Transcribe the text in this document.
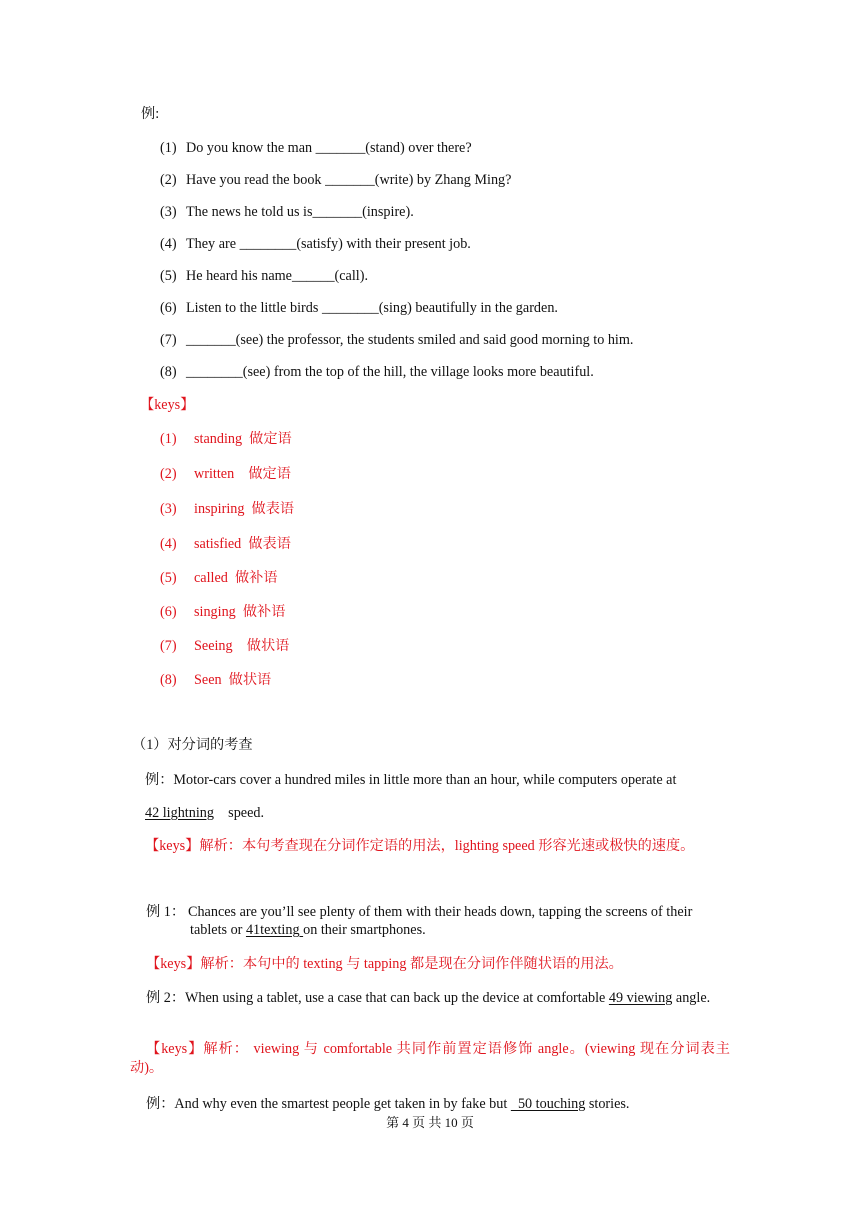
例:
(1) Do you know the man _______(stand) over there?
(2) Have you read the book _______(write) by Zhang Ming?
(3) The news he told us is_______(inspire).
(4) They are ________(satisfy) with their present job.
(5) He heard his name______(call).
(6) Listen to the little birds ________(sing) beautifully in the garden.
(7) _______(see) the professor, the students smiled and said good morning to him.
(8) ________(see) from the top of the hill, the village looks more beautiful.
【keys】
(1) standing  做定语
(2) written    做定语
(3) inspiring  做表语
(4) satisfied  做表语
(5) called  做补语
(6) singing  做补语
(7) Seeing    做状语
(8) Seen  做状语
（1）对分词的考查
例：Motor-cars cover a hundred miles in little more than an hour, while computers operate at
42 lightning    speed.
【keys】解析：本句考查现在分词作定语的用法，lighting speed 形容光速或极快的速度。
例 1： Chances are you’ll see plenty of them with their heads down, tapping the screens of their
tablets or 41texting on their smartphones.
【keys】解析：本句中的 texting 与 tapping 都是现在分词作伴随状语的用法。
例 2：When using a tablet, use a case that can back up the device at comfortable 49 viewing angle.
【keys】解析： viewing 与 comfortable 共同作前置定语修饰 angle。(viewing 现在分词表主动)。
例：And why even the smartest people get taken in by fake but   50 touching stories.
第 4 页 共 10 页
